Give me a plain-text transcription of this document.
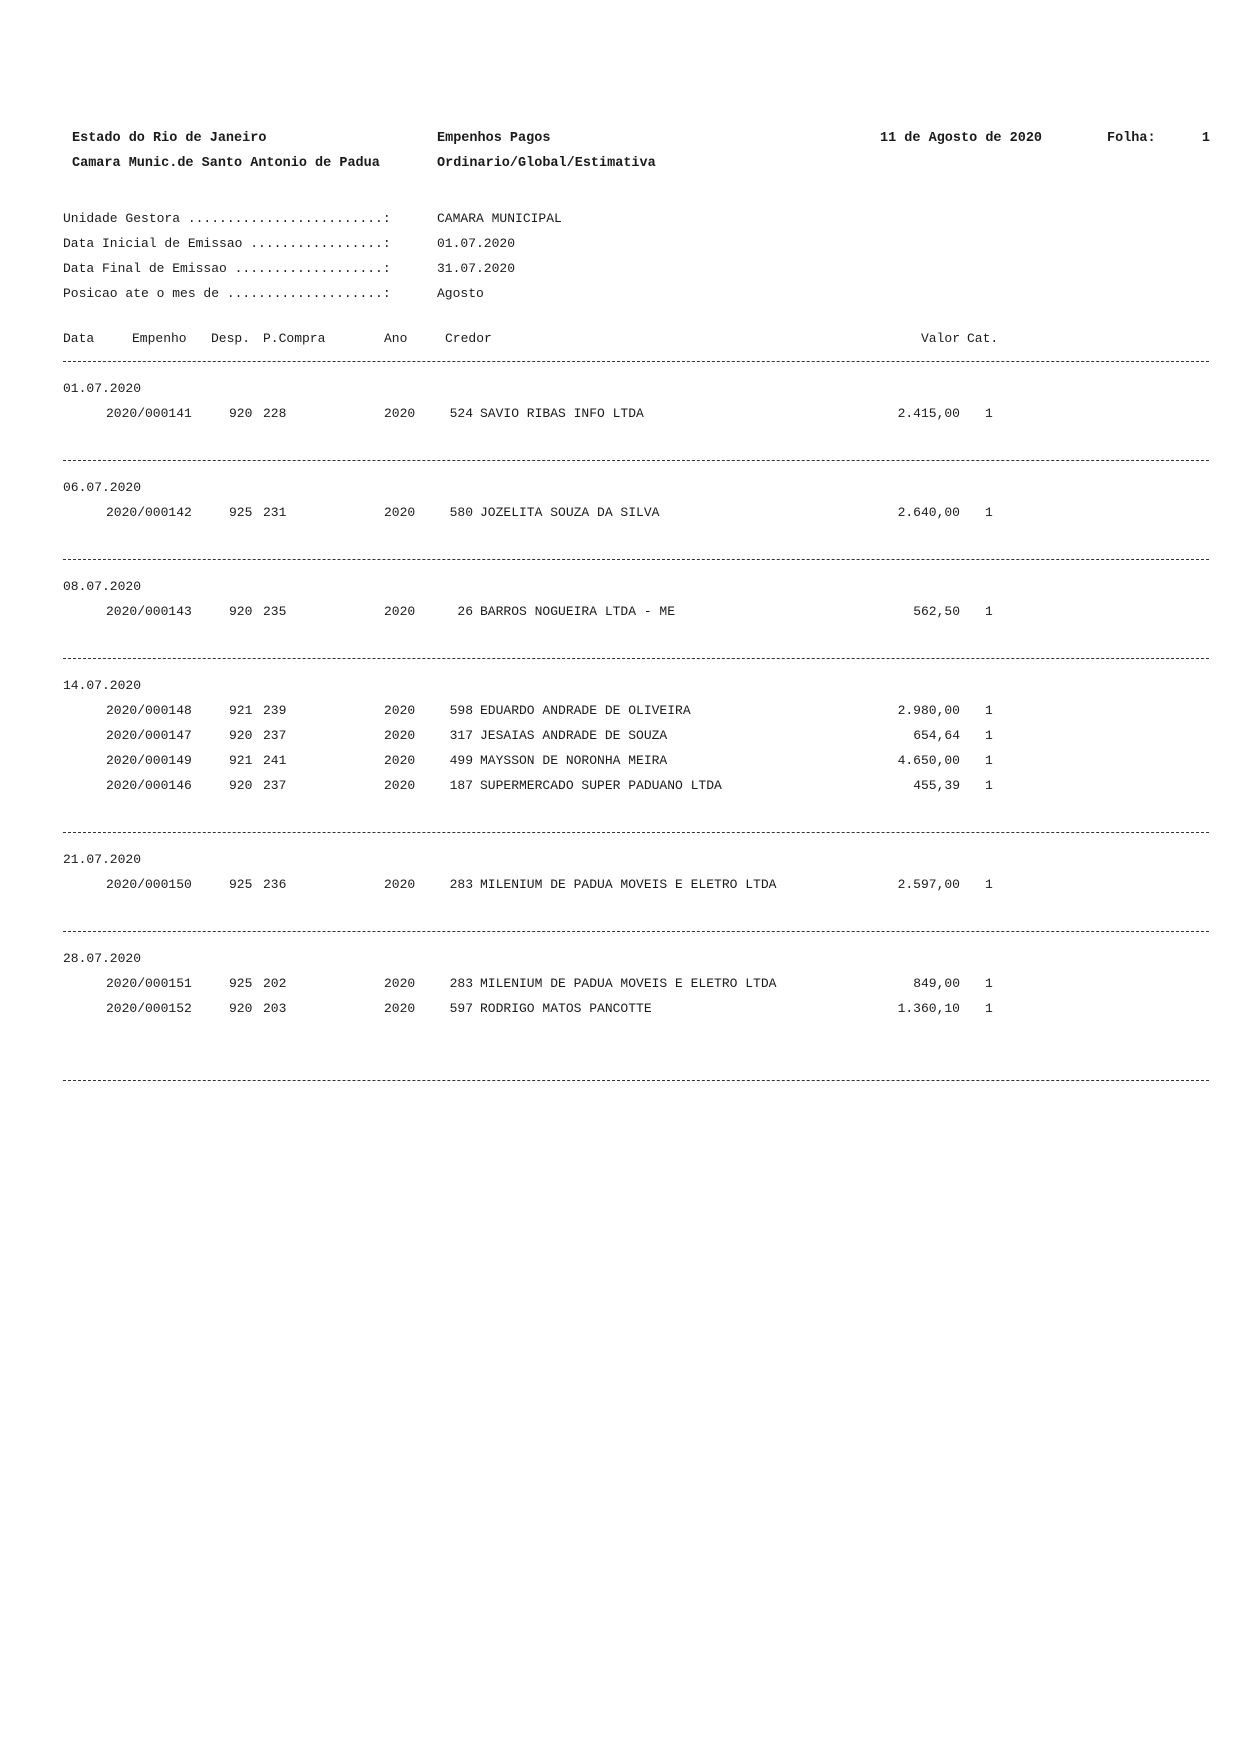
Estado do Rio de Janeiro
Camara Munic.de Santo Antonio de Padua
Empenhos Pagos
Ordinario/Global/Estimativa
11 de Agosto de 2020	Folha:	1
Unidade Gestora .........................:	CAMARA MUNICIPAL
Data Inicial de Emissao .................:	01.07.2020
Data Final de Emissao ...................:	31.07.2020
Posicao ate o mes de ....................:	Agosto
Data	Empenho Desp. P.Compra	Ano	Credor	Valor Cat.
01.07.2020
2020/000141	920 228	2020	524 SAVIO RIBAS INFO LTDA	2.415,00 1
06.07.2020
2020/000142	925 231	2020	580 JOZELITA SOUZA DA SILVA	2.640,00 1
08.07.2020
2020/000143	920 235	2020	26 BARROS NOGUEIRA LTDA - ME	562,50 1
14.07.2020
2020/000148	921 239	2020	598 EDUARDO ANDRADE DE OLIVEIRA	2.980,00 1
2020/000147	920 237	2020	317 JESAIAS ANDRADE DE SOUZA	654,64 1
2020/000149	921 241	2020	499 MAYSSON DE NORONHA MEIRA	4.650,00 1
2020/000146	920 237	2020	187 SUPERMERCADO SUPER PADUANO LTDA	455,39 1
21.07.2020
2020/000150	925 236	2020	283 MILENIUM DE PADUA MOVEIS E ELETRO LTDA	2.597,00 1
28.07.2020
2020/000151	925 202	2020	283 MILENIUM DE PADUA MOVEIS E ELETRO LTDA	849,00 1
2020/000152	920 203	2020	597 RODRIGO MATOS PANCOTTE	1.360,10 1
